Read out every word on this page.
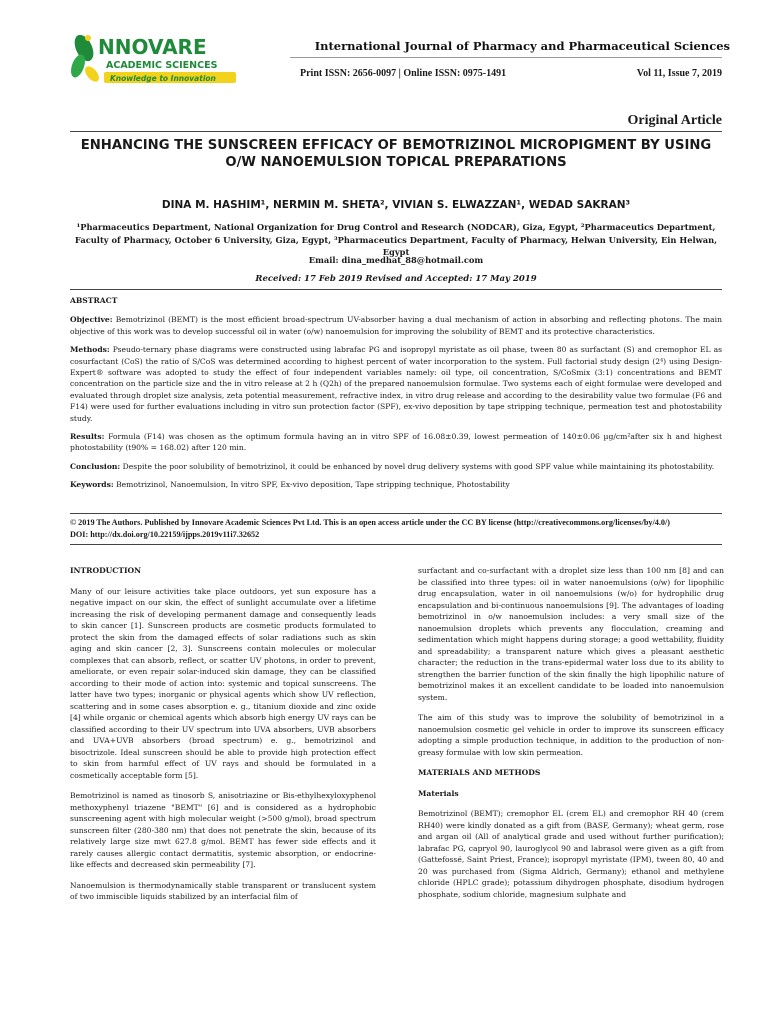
NNOVARE
ACADEMIC SCIENCES
Knowledge to Innovation
International Journal of Pharmacy and Pharmaceutical Sciences
Print ISSN: 2656-0097 | Online ISSN: 0975-1491	Vol 11, Issue 7, 2019
Original Article
ENHANCING THE SUNSCREEN EFFICACY OF BEMOTRIZINOL MICROPIGMENT BY USING O/W NANOEMULSION TOPICAL PREPARATIONS
DINA M. HASHIM¹, NERMIN M. SHETA², VIVIAN S. ELWAZZAN¹, WEDAD SAKRAN³
¹Pharmaceutics Department, National Organization for Drug Control and Research (NODCAR), Giza, Egypt, ²Pharmaceutics Department, Faculty of Pharmacy, October 6 University, Giza, Egypt, ³Pharmaceutics Department, Faculty of Pharmacy, Helwan University, Ein Helwan, Egypt
Email: dina_medhat_88@hotmail.com
Received: 17 Feb 2019 Revised and Accepted: 17 May 2019
ABSTRACT

Objective: Bemotrizinol (BEMT) is the most efficient broad-spectrum UV-absorber having a dual mechanism of action in absorbing and reflecting photons. The main objective of this work was to develop successful oil in water (o/w) nanoemulsion for improving the solubility of BEMT and its protective characteristics.

Methods: Pseudo-ternary phase diagrams were constructed using labrafac PG and isopropyl myristate as oil phase, tween 80 as surfactant (S) and cremophor EL as cosurfactant (CoS) the ratio of S/CoS was determined according to highest percent of water incorporation to the system. Full factorial study design (2⁴) using Design-Expert® software was adopted to study the effect of four independent variables namely: oil type, oil concentration, S/CoSmix (3:1) concentrations and BEMT concentration on the particle size and the in vitro release at 2 h (Q2h) of the prepared nanoemulsion formulae. Two systems each of eight formulae were developed and evaluated through droplet size analysis, zeta potential measurement, refractive index, in vitro drug release and according to the desirability value two formulae (F6 and F14) were used for further evaluations including in vitro sun protection factor (SPF), ex-vivo deposition by tape stripping technique, permeation test and photostability study.

Results: Formula (F14) was chosen as the optimum formula having an in vitro SPF of 16.08±0.39, lowest permeation of 140±0.06 µg/cm²after six h and highest photostability (t90% = 168.02) after 120 min.

Conclusion: Despite the poor solubility of bemotrizinol, it could be enhanced by novel drug delivery systems with good SPF value while maintaining its photostability.

Keywords: Bemotrizinol, Nanoemulsion, In vitro SPF, Ex-vivo deposition, Tape stripping technique, Photostability

© 2019 The Authors. Published by Innovare Academic Sciences Pvt Ltd. This is an open access article under the CC BY license (http://creativecommons.org/licenses/by/4.0/)
DOI: http://dx.doi.org/10.22159/ijpps.2019v11i7.32652
INTRODUCTION

Many of our leisure activities take place outdoors, yet sun exposure has a negative impact on our skin, the effect of sunlight accumulate over a lifetime increasing the risk of developing permanent damage and consequently leads to skin cancer [1]. Sunscreen products are cosmetic products formulated to protect the skin from the damaged effects of solar radiations such as skin aging and skin cancer [2, 3]. Sunscreens contain molecules or molecular complexes that can absorb, reflect, or scatter UV photons, in order to prevent, ameliorate, or even repair solar-induced skin damage, they can be classified according to their mode of action into: systemic and topical sunscreens. The latter have two types; inorganic or physical agents which show UV reflection, scattering and in some cases absorption e. g., titanium dioxide and zinc oxide [4] while organic or chemical agents which absorb high energy UV rays can be classified according to their UV spectrum into UVA absorbers, UVB absorbers and UVA+UVB absorbers (broad spectrum) e. g., bemotrizinol and bisoctrizole. Ideal sunscreen should be able to provide high protection effect to skin from harmful effect of UV rays and should be formulated in a cosmetically acceptable form [5].

Bemotrizinol is named as tinosorb S, anisotriazine or Bis-ethylhexyloxyphenol methoxyphenyl triazene "BEMT" [6] and is considered as a hydrophobic sunscreening agent with high molecular weight (>500 g/mol), broad spectrum sunscreen filter (280-380 nm) that does not penetrate the skin, because of its relatively large size mwt 627.8 g/mol. BEMT has fewer side effects and it rarely causes allergic contact dermatitis, systemic absorption, or endocrine-like effects and decreased skin permeability [7].

Nanoemulsion is thermodynamically stable transparent or translucent system of two immiscible liquids stabilized by an interfacial film of

surfactant and co-surfactant with a droplet size less than 100 nm [8] and can be classified into three types: oil in water nanoemulsions (o/w) for lipophilic drug encapsulation, water in oil nanoemulsions (w/o) for hydrophilic drug encapsulation and bi-continuous nanoemulsions [9]. The advantages of loading bemotrizinol in o/w nanoemulsion includes: a very small size of the nanoemulsion droplets which prevents any flocculation, creaming and sedimentation which might happens during storage; a good wettability, fluidity and spreadability; a transparent nature which gives a pleasant aesthetic character; the reduction in the trans-epidermal water loss due to its ability to strengthen the barrier function of the skin finally the high lipophilic nature of bemotrizinol makes it an excellent candidate to be loaded into nanoemulsion system.

The aim of this study was to improve the solubility of bemotrizinol in a nanoemulsion cosmetic gel vehicle in order to improve its sunscreen efficacy adopting a simple production technique, in addition to the production of non-greasy formulae with low skin permeation.

MATERIALS AND METHODS
Materials

Bemotrizinol (BEMT); cremophor EL (crem EL) and cremophor RH 40 (crem RH40) were kindly donated as a gift from (BASF, Germany); wheat germ, rose and argan oil (All of analytical grade and used without further purification); labrafac PG, capryol 90, lauroglycol 90 and labrasol were given as a gift from (Gattefossé, Saint Priest, France); isopropyl myristate (IPM), tween 80, 40 and 20 was purchased from (Sigma Aldrich, Germany); ethanol and methylene chloride (HPLC grade); potassium dihydrogen phosphate, disodium hydrogen phosphate, sodium chloride, magnesium sulphate and
